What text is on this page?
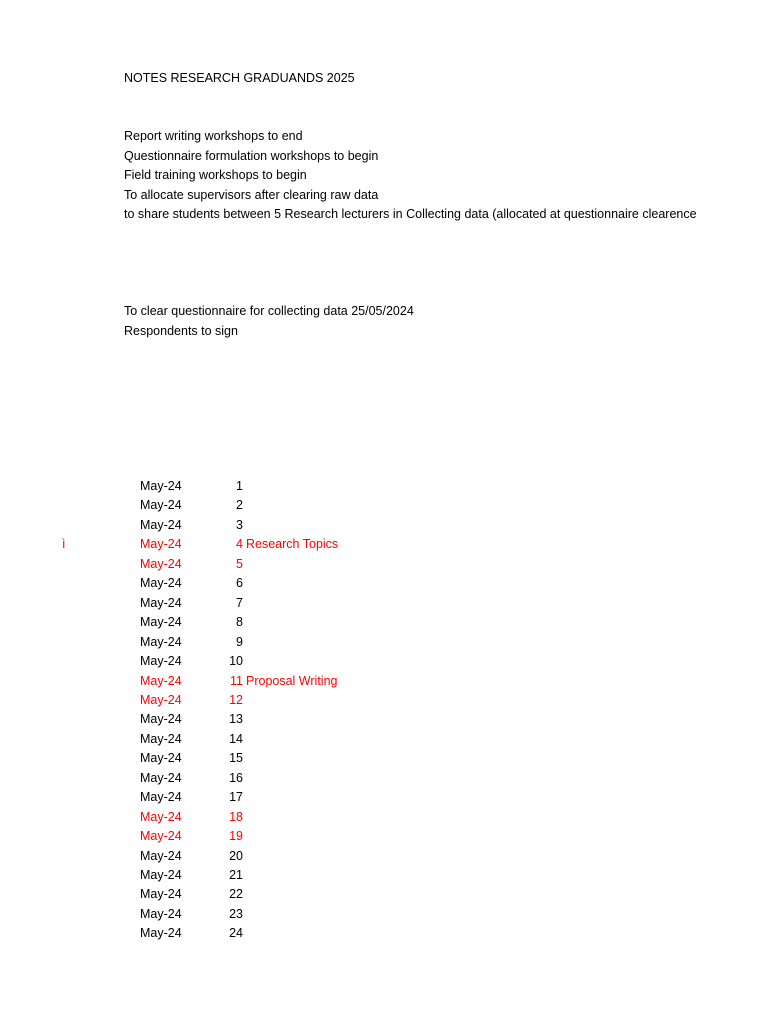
NOTES RESEARCH GRADUANDS 2025
Report writing workshops to end
Questionnaire formulation workshops to begin
Field training workshops to begin
To allocate supervisors after clearing raw data
to share students between 5 Research lecturers in Collecting data (allocated at questionnaire clearence
To clear questionnaire for collecting data 25/05/2024
Respondents to sign
ì
May-24	1
May-24	2
May-24	3
May-24	4 Research Topics
May-24	5
May-24	6
May-24	7
May-24	8
May-24	9
May-24	10
May-24	11 Proposal Writing
May-24	12
May-24	13
May-24	14
May-24	15
May-24	16
May-24	17
May-24	18
May-24	19
May-24	20
May-24	21
May-24	22
May-24	23
May-24	24
